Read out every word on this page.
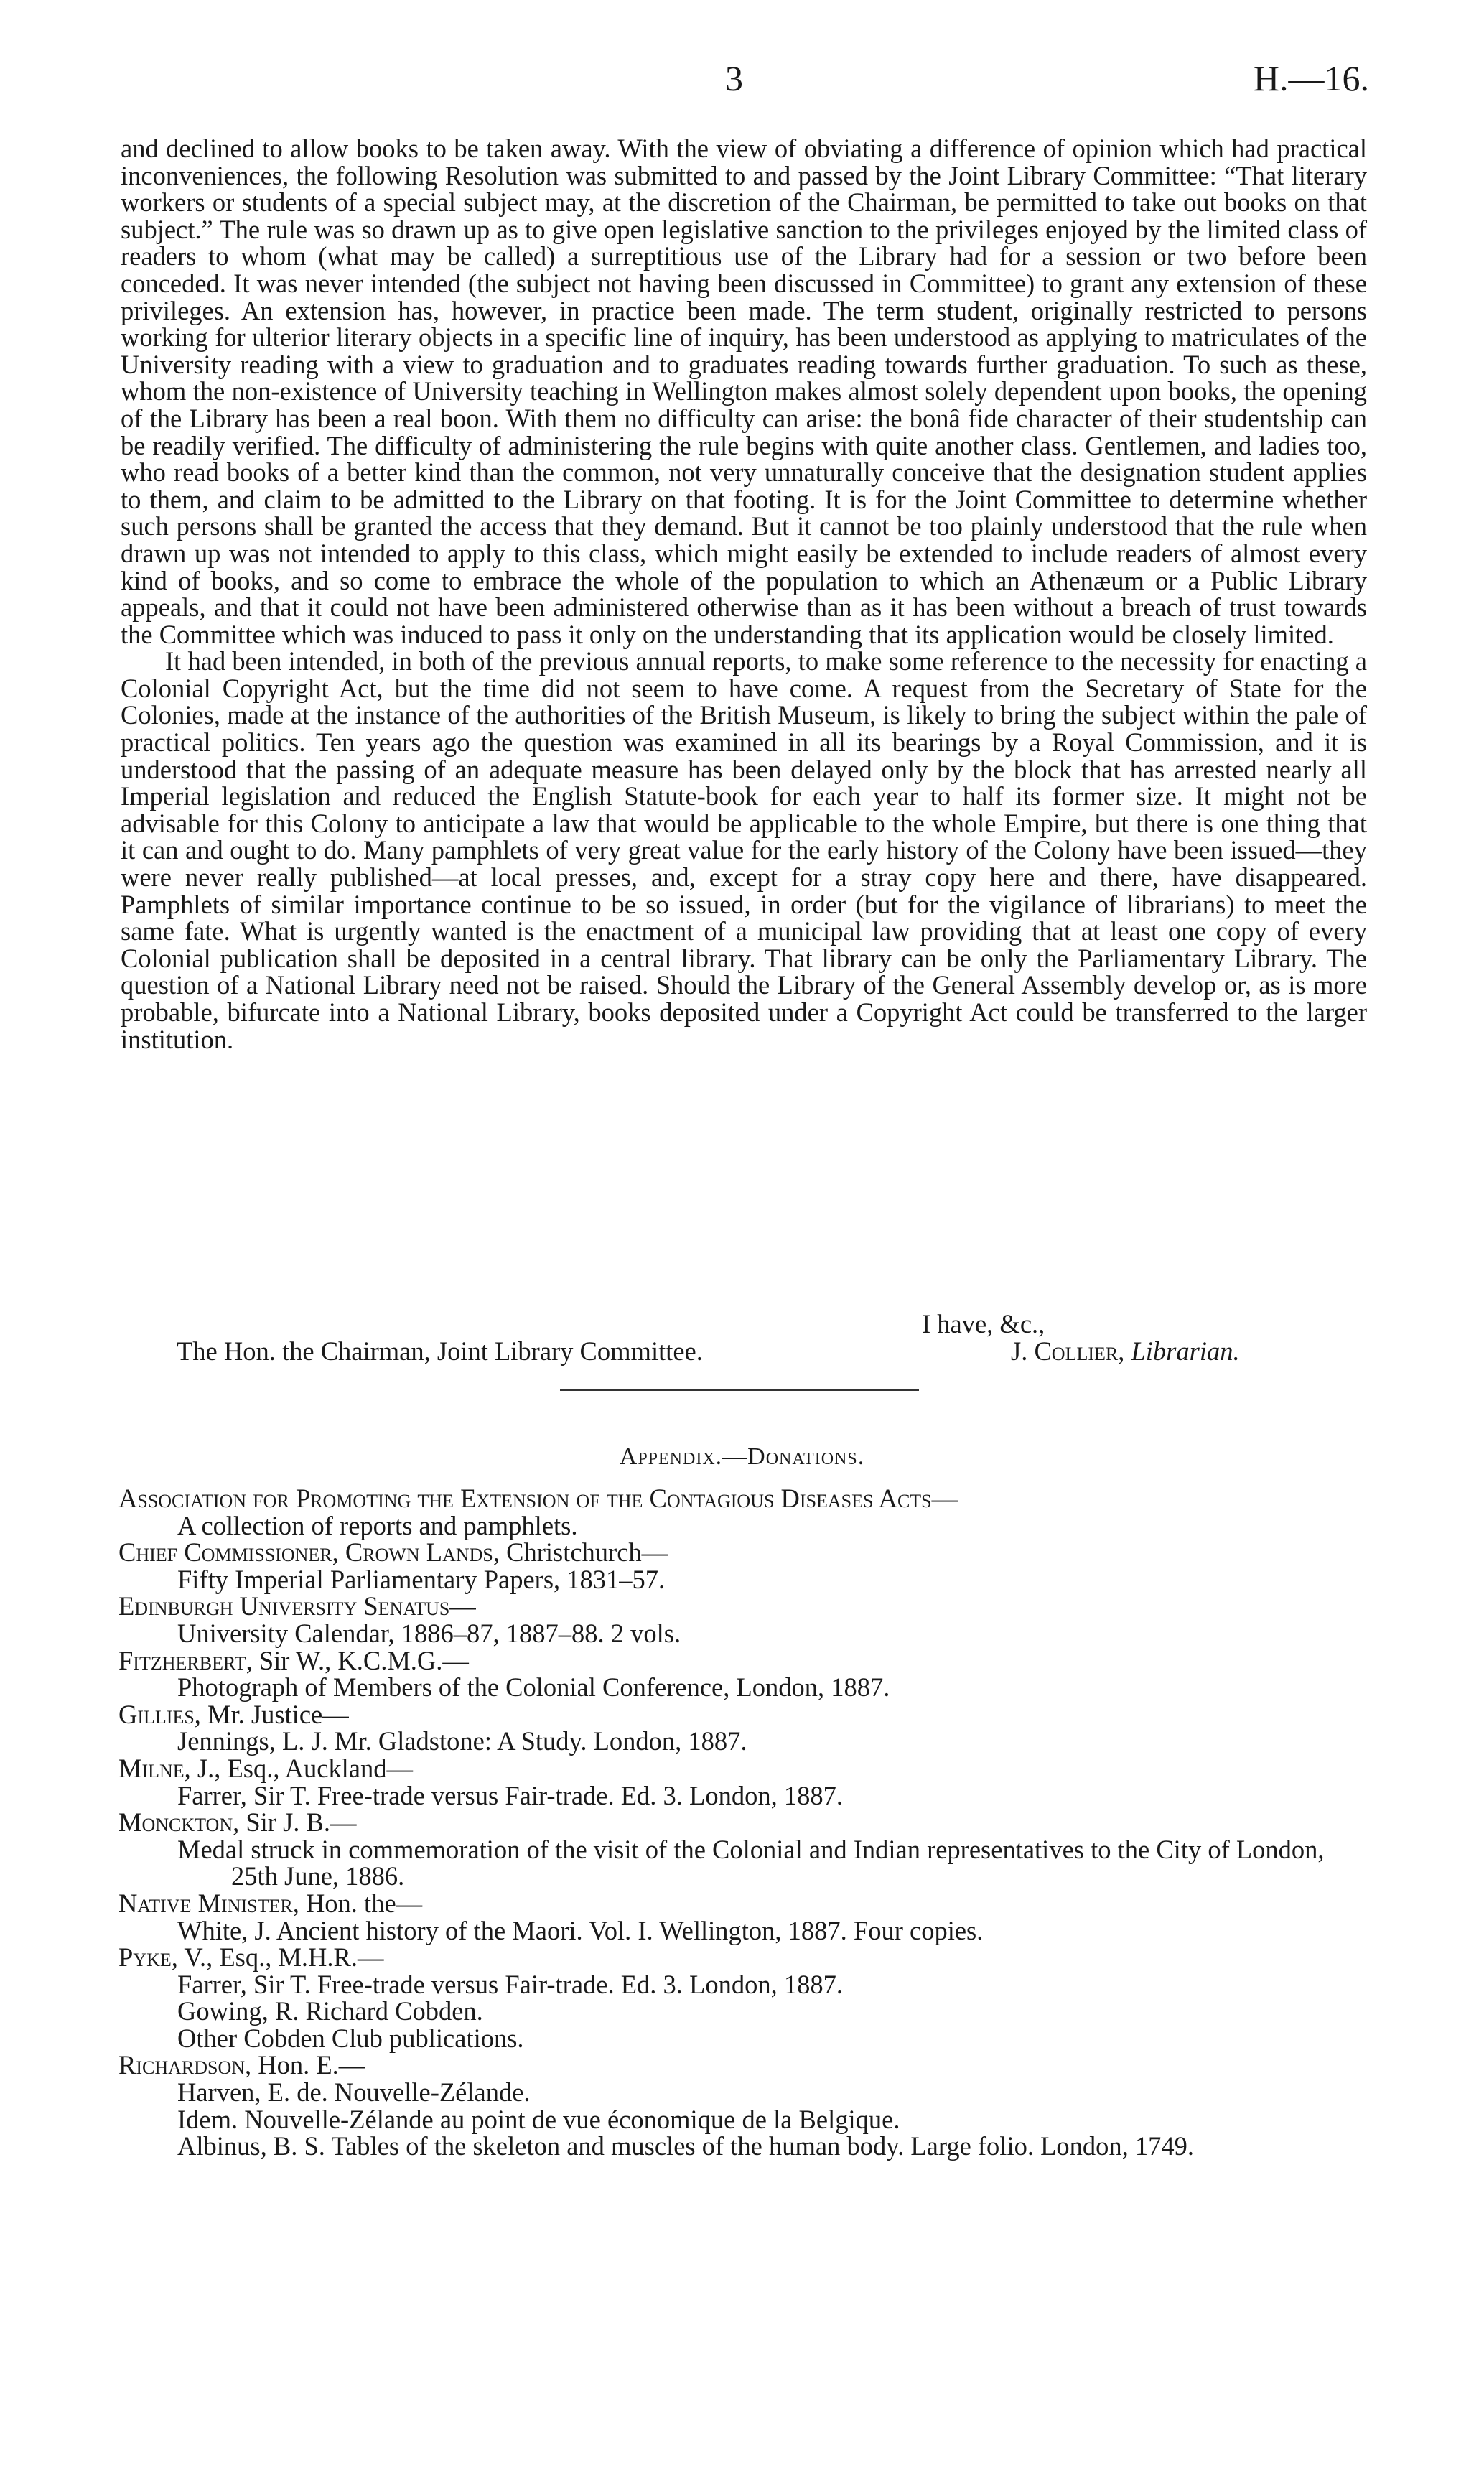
3	H.—16.

and declined to allow books to be taken away. With the view of obviating a difference of opinion which had practical inconveniences, the following Resolution was submitted to and passed by the Joint Library Committee: “That literary workers or students of a special subject may, at the discretion of the Chairman, be permitted to take out books on that subject.” The rule was so drawn up as to give open legislative sanction to the privileges enjoyed by the limited class of readers to whom (what may be called) a surreptitious use of the Library had for a session or two before been conceded. It was never intended (the subject not having been discussed in Committee) to grant any extension of these privileges. An extension has, however, in practice been made. The term student, originally restricted to persons working for ulterior literary objects in a specific line of inquiry, has been understood as applying to matriculates of the University reading with a view to graduation and to graduates reading towards further graduation. To such as these, whom the non-existence of University teaching in Wellington makes almost solely dependent upon books, the opening of the Library has been a real boon. With them no difficulty can arise: the bonâ fide character of their studentship can be readily verified. The difficulty of administering the rule begins with quite another class. Gentlemen, and ladies too, who read books of a better kind than the common, not very unnaturally conceive that the designation student applies to them, and claim to be admitted to the Library on that footing. It is for the Joint Committee to determine whether such persons shall be granted the access that they demand. But it cannot be too plainly understood that the rule when drawn up was not intended to apply to this class, which might easily be extended to include readers of almost every kind of books, and so come to embrace the whole of the population to which an Athenæum or a Public Library appeals, and that it could not have been administered otherwise than as it has been without a breach of trust towards the Committee which was induced to pass it only on the understanding that its application would be closely limited.

It had been intended, in both of the previous annual reports, to make some reference to the necessity for enacting a Colonial Copyright Act, but the time did not seem to have come. A request from the Secretary of State for the Colonies, made at the instance of the authorities of the British Museum, is likely to bring the subject within the pale of practical politics. Ten years ago the question was examined in all its bearings by a Royal Commission, and it is understood that the passing of an adequate measure has been delayed only by the block that has arrested nearly all Imperial legislation and reduced the English Statute-book for each year to half its former size. It might not be advisable for this Colony to anticipate a law that would be applicable to the whole Empire, but there is one thing that it can and ought to do. Many pamphlets of very great value for the early history of the Colony have been issued—they were never really published—at local presses, and, except for a stray copy here and there, have disappeared. Pamphlets of similar importance continue to be so issued, in order (but for the vigilance of librarians) to meet the same fate. What is urgently wanted is the enactment of a municipal law providing that at least one copy of every Colonial publication shall be deposited in a central library. That library can be only the Parliamentary Library. The question of a National Library need not be raised. Should the Library of the General Assembly develop or, as is more probable, bifurcate into a National Library, books deposited under a Copyright Act could be transferred to the larger institution.

I have, &c.,
The Hon. the Chairman, Joint Library Committee.	J. Collier, Librarian.
Appendix.—Donations.

Association for Promoting the Extension of the Contagious Diseases Acts—

A collection of reports and pamphlets.

Chief Commissioner, Crown Lands, Christchurch—

Fifty Imperial Parliamentary Papers, 1831–57.

Edinburgh University Senatus—

University Calendar, 1886–87, 1887–88. 2 vols.

Fitzherbert, Sir W., K.C.M.G.—

Photograph of Members of the Colonial Conference, London, 1887.

Gillies, Mr. Justice—

Jennings, L. J. Mr. Gladstone: A Study. London, 1887.

Milne, J., Esq., Auckland—

Farrer, Sir T. Free-trade versus Fair-trade. Ed. 3. London, 1887.

Monckton, Sir J. B.—

Medal struck in commemoration of the visit of the Colonial and Indian representatives to the City of London, 25th June, 1886.

Native Minister, Hon. the—

White, J. Ancient history of the Maori. Vol. I. Wellington, 1887. Four copies.

Pyke, V., Esq., M.H.R.—

Farrer, Sir T. Free-trade versus Fair-trade. Ed. 3. London, 1887.

Gowing, R. Richard Cobden.

Other Cobden Club publications.

Richardson, Hon. E.—

Harven, E. de. Nouvelle-Zélande.

Idem. Nouvelle-Zélande au point de vue économique de la Belgique.

Albinus, B. S. Tables of the skeleton and muscles of the human body. Large folio. London, 1749.
